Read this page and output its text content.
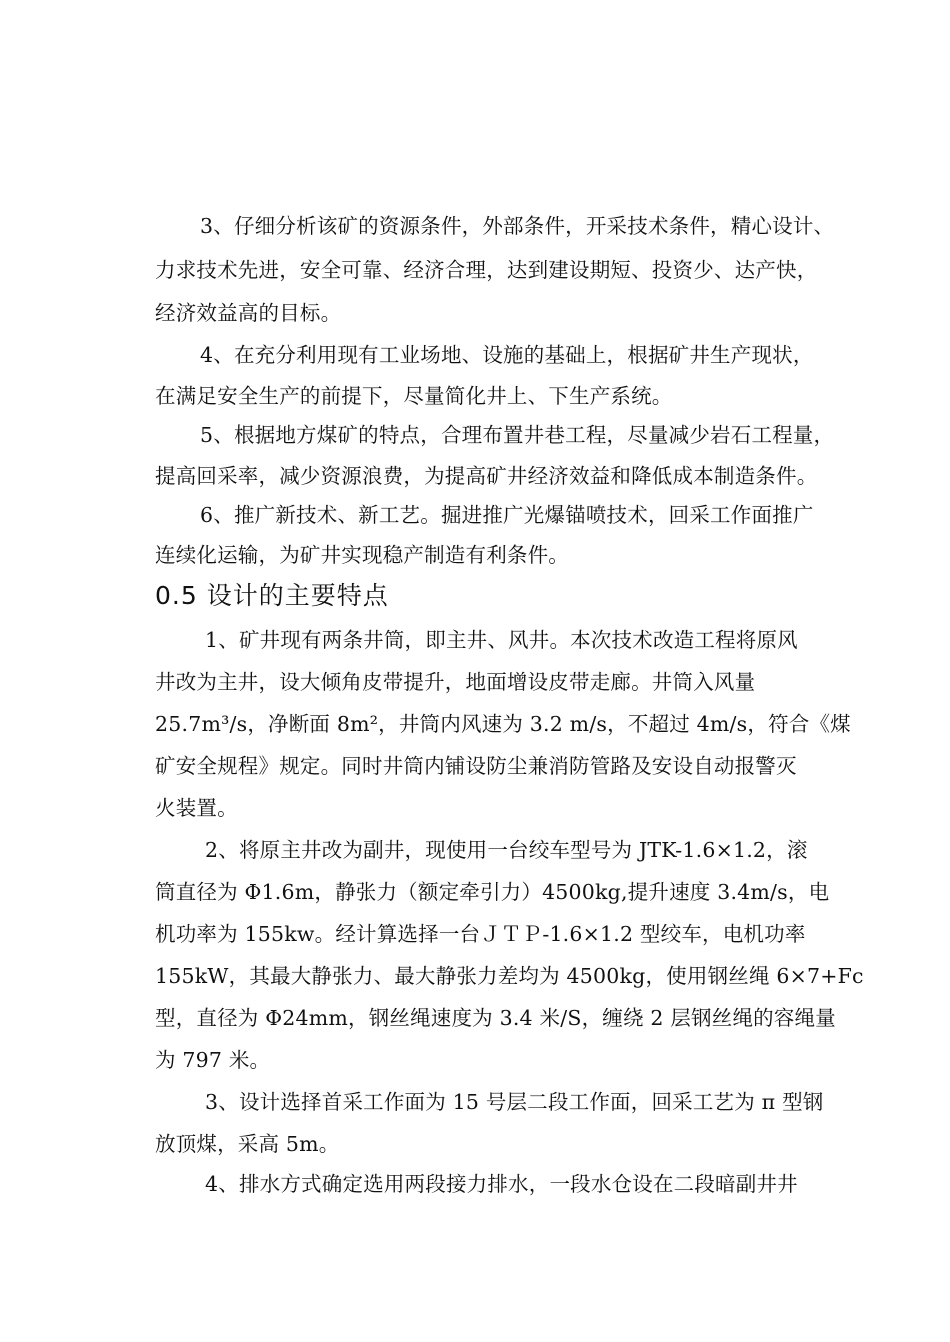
3、仔细分析该矿的资源条件，外部条件，开采技术条件，精心设计、
力求技术先进，安全可靠、经济合理，达到建设期短、投资少、达产快，
经济效益高的目标。
4、在充分利用现有工业场地、设施的基础上，根据矿井生产现状，
在满足安全生产的前提下，尽量简化井上、下生产系统。
5、根据地方煤矿的特点，合理布置井巷工程，尽量减少岩石工程量，
提高回采率，减少资源浪费，为提高矿井经济效益和降低成本制造条件。
6、推广新技术、新工艺。掘进推广光爆锚喷技术，回采工作面推广
连续化运输，为矿井实现稳产制造有利条件。
0.5 设计的主要特点
1、矿井现有两条井筒，即主井、风井。本次技术改造工程将原风
井改为主井，设大倾角皮带提升，地面增设皮带走廊。井筒入风量
25.7m³/s，净断面 8m²，井筒内风速为 3.2 m/s，不超过 4m/s，符合《煤
矿安全规程》规定。同时井筒内铺设防尘兼消防管路及安设自动报警灭
火装置。
2、将原主井改为副井，现使用一台绞车型号为 JTK-1.6×1.2，滚
筒直径为 Φ1.6m，静张力（额定牵引力）4500kg,提升速度 3.4m/s，电
机功率为 155kw。经计算选择一台ＪＴＰ-1.6×1.2 型绞车，电机功率
155kW，其最大静张力、最大静张力差均为 4500kg，使用钢丝绳 6×7+Fc
型，直径为 Φ24mm，钢丝绳速度为 3.4 米/S，缠绕 2 层钢丝绳的容绳量
为 797 米。
3、设计选择首采工作面为 15 号层二段工作面，回采工艺为 π 型钢
放顶煤，采高 5m。
4、排水方式确定选用两段接力排水，一段水仓设在二段暗副井井
